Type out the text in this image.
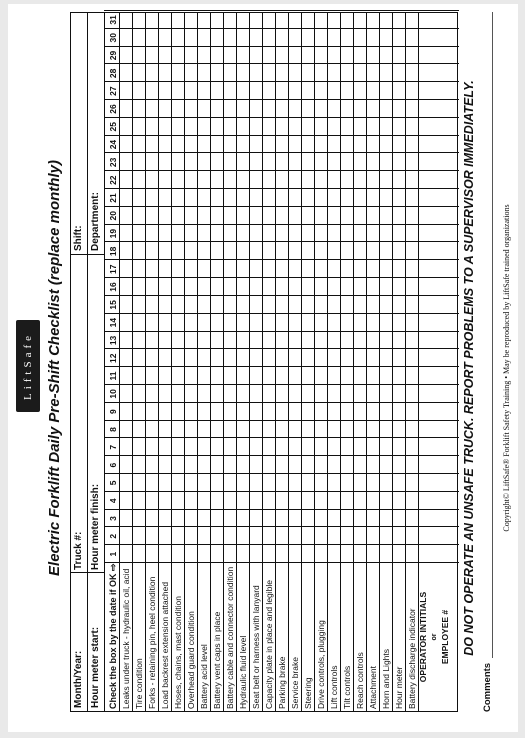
LiftSafe Electric Forklift Daily Pre-Shift Checklist (replace monthly)
Month/Year:
Truck #:
Shift:
Hour meter start:
Hour meter finish:
Department:
Check the box by the date if OK ⇨
1
2
3
4
5
6
7
8
9
10
11
12
13
14
15
16
17
18
19
20
21
22
23
24
25
26
27
28
29
30
31
Leaks under truck - hydraulic oil, acid Tire condition Forks - retaining pin, heel condition Load backrest extension attached Hoses, chains, mast condition Overhead guard condition Battery acid level Battery vent caps in place Battery cable and connector condition Hydraulic fluid level Seat belt or harness with lanyard Capacity plate in place and legible Parking brake Service brake Steering Drive controls, plugging Lift controls Tilt controls Reach controls Attachment Horn and Lights Hour meter Battery discharge indicator OPERATOR INTITIALS or EMPLOYEE # DO NOT OPERATE AN UNSAFE TRUCK. REPORT PROBLEMS TO A SUPERVISOR IMMEDIATELY.
Comments
Copyright© LiftSafe® Forklift Safety Training • May be reproduced by LiftSafe trained organizations
